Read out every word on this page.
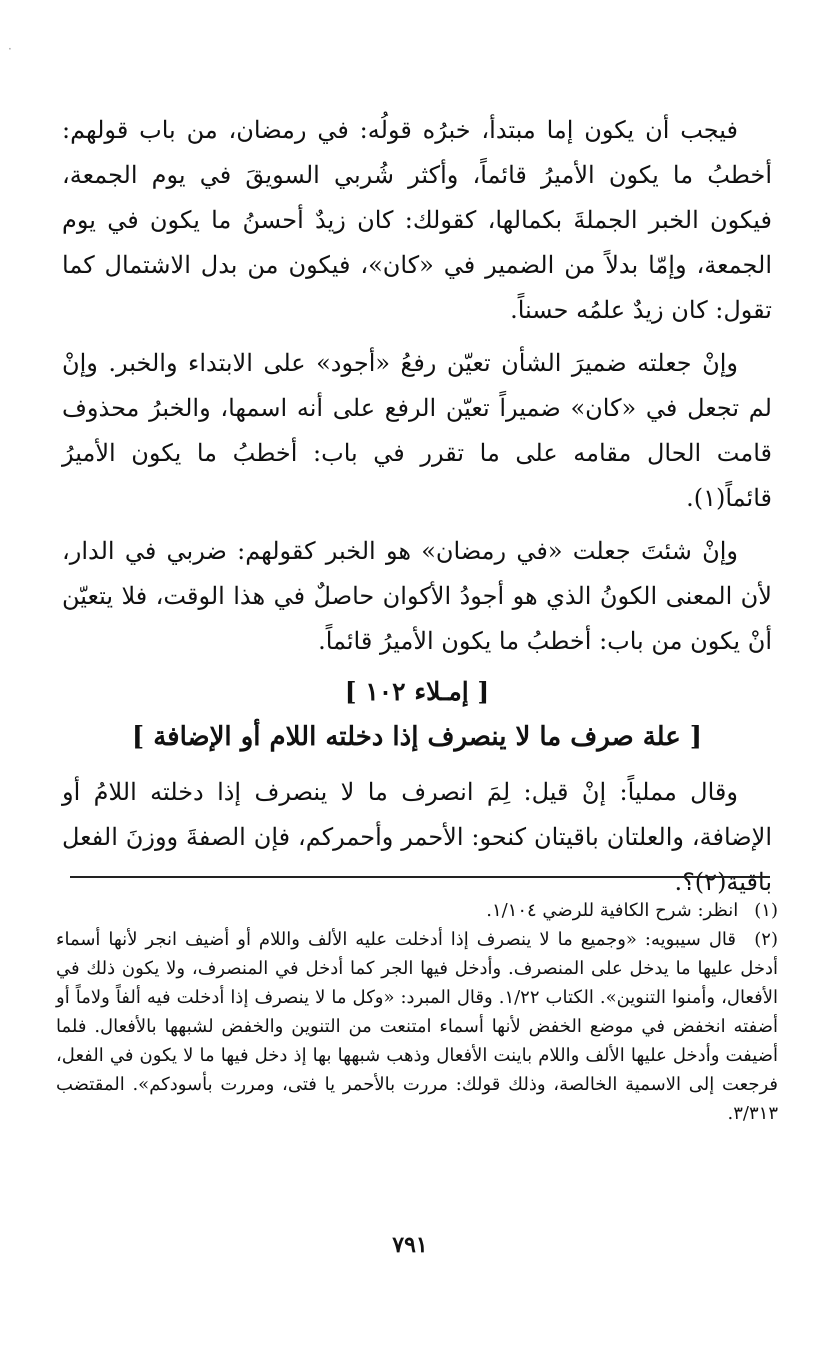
·

فيجب أن يكون إما مبتدأ، خبرُه قولُه: في رمضان، من باب قولهم: أخطبُ ما يكون الأميرُ قائماً، وأكثر شُربي السويقَ في يوم الجمعة، فيكون الخبر الجملةَ بكمالها، كقولك: كان زيدٌ أحسنُ ما يكون في يوم الجمعة، وإمّا بدلاً من الضمير في «كان»، فيكون من بدل الاشتمال كما تقول: كان زيدٌ علمُه حسناً.

وإنْ جعلته ضميرَ الشأن تعيّن رفعُ «أجود» على الابتداء والخبر. وإنْ لم تجعل في «كان» ضميراً تعيّن الرفع على أنه اسمها، والخبرُ محذوف قامت الحال مقامه على ما تقرر في باب: أخطبُ ما يكون الأميرُ قائماً(١).

وإنْ شئتَ جعلت «في رمضان» هو الخبر كقولهم: ضربي في الدار، لأن المعنى الكونُ الذي هو أجودُ الأكوان حاصلٌ في هذا الوقت، فلا يتعيّن أنْ يكون من باب: أخطبُ ما يكون الأميرُ قائماً.

[ إمـلاء ١٠٢ ]

[ علة صرف ما لا ينصرف إذا دخلته اللام أو الإضافة ]

وقال مملياً: إنْ قيل: لِمَ انصرف ما لا ينصرف إذا دخلته اللامُ أو الإضافة، والعلتان باقيتان كنحو: الأحمر وأحمركم، فإن الصفةَ ووزنَ الفعل باقية(٢)؟.

(١) انظر: شرح الكافية للرضي ١/١٠٤.

(٢) قال سيبويه: «وجميع ما لا ينصرف إذا أدخلت عليه الألف واللام أو أضيف انجر لأنها أسماء أدخل عليها ما يدخل على المنصرف. وأدخل فيها الجر كما أدخل في المنصرف، ولا يكون ذلك في الأفعال، وأمنوا التنوين». الكتاب ١/٢٢. وقال المبرد: «وكل ما لا ينصرف إذا أدخلت فيه ألفاً ولاماً أو أضفته انخفض في موضع الخفض لأنها أسماء امتنعت من التنوين والخفض لشبهها بالأفعال. فلما أضيفت وأدخل عليها الألف واللام باينت الأفعال وذهب شبهها بها إذ دخل فيها ما لا يكون في الفعل، فرجعت إلى الاسمية الخالصة، وذلك قولك: مررت بالأحمر يا فتى، ومررت بأسودكم». المقتضب ٣/٣١٣.

٧٩١
